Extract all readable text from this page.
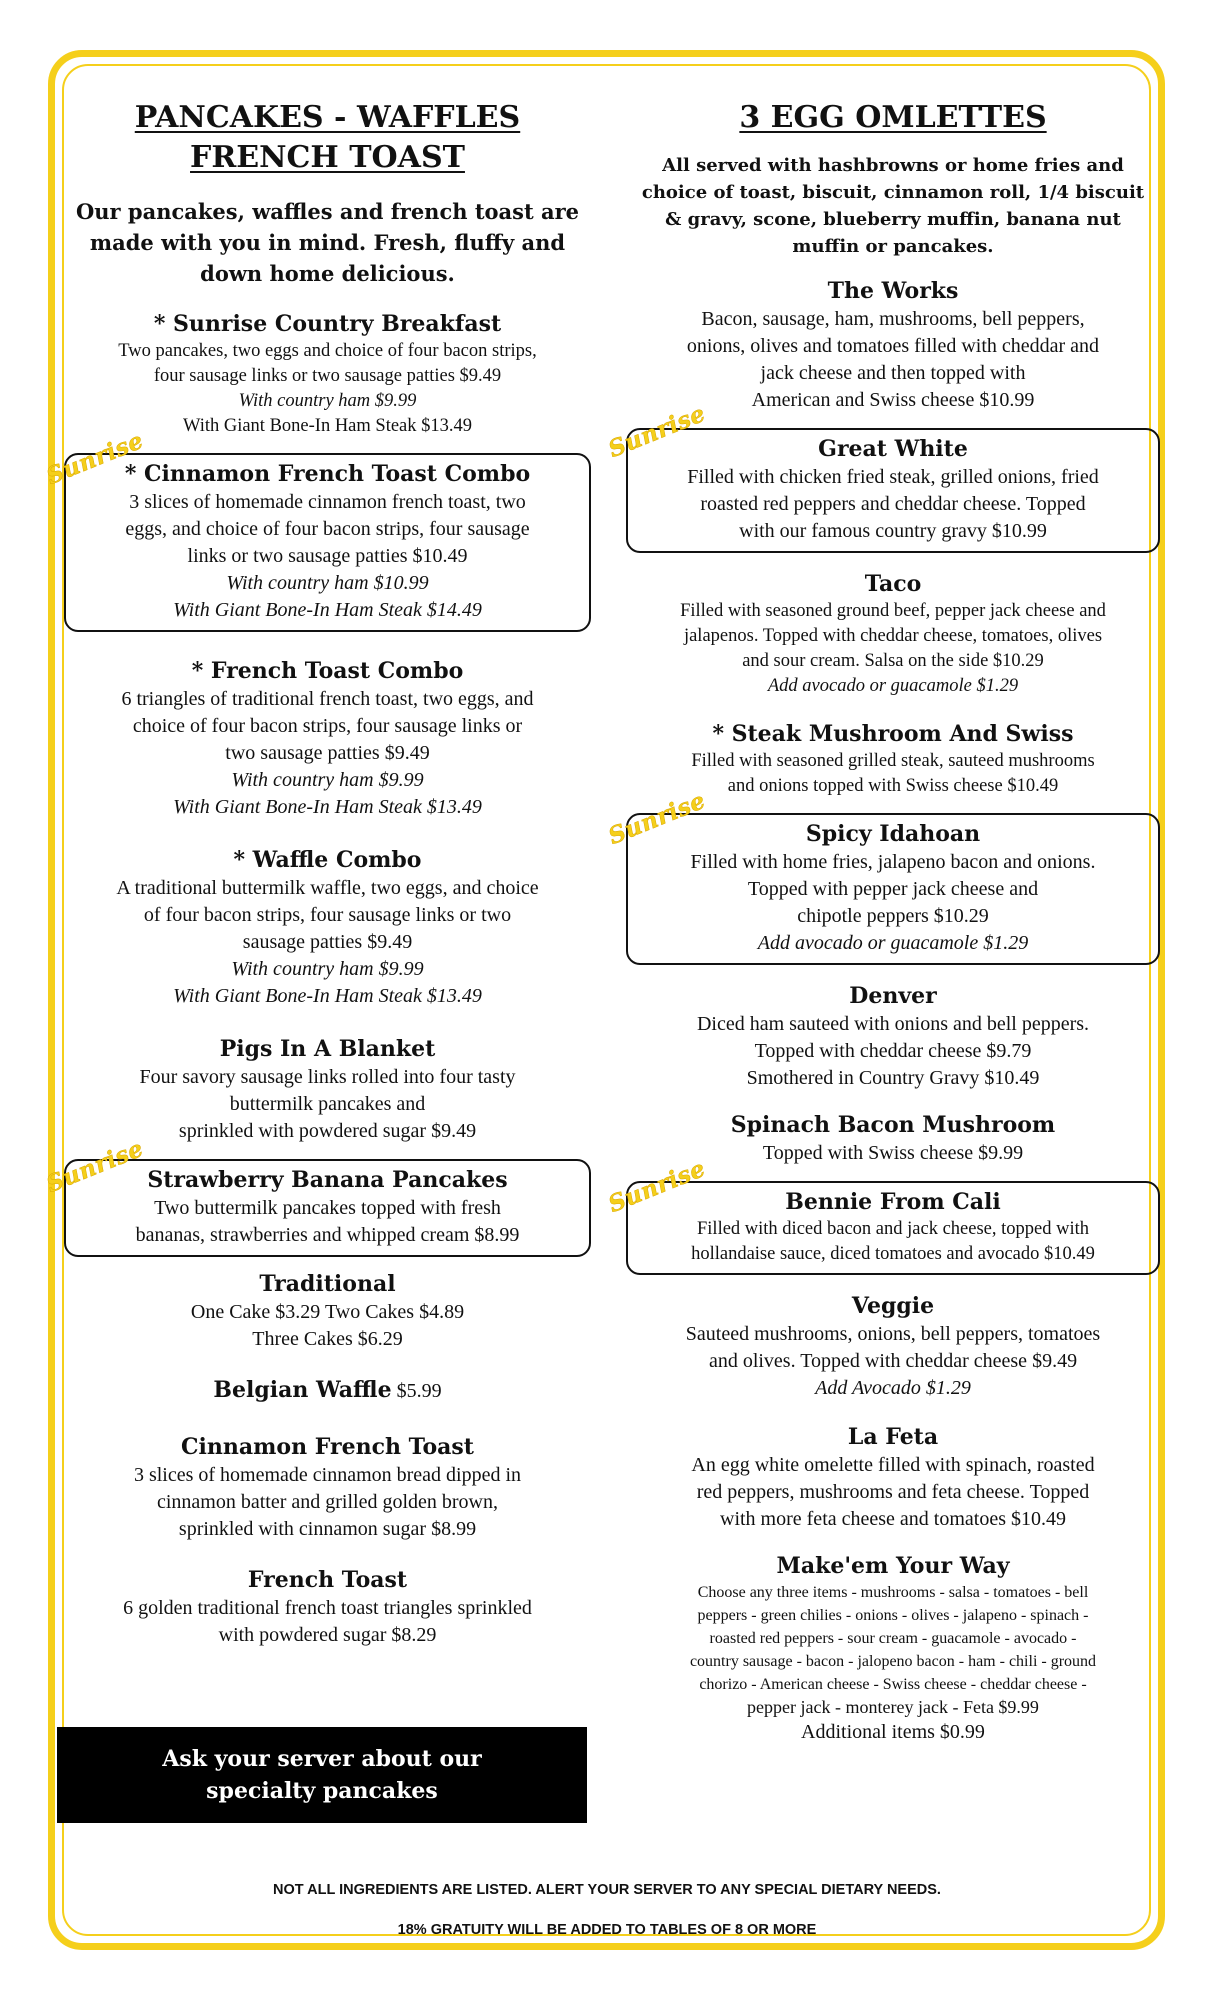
PANCAKES - WAFFLES
FRENCH TOAST

Our pancakes, waffles and french toast are
made with you in mind. Fresh, fluffy and
down home delicious.

* Sunrise Country Breakfast
Two pancakes, two eggs and choice of four bacon strips,
four sausage links or two sausage patties $9.49
With country ham $9.99
With Giant Bone-In Ham Steak $13.49
Sunrise
* Cinnamon French Toast Combo
3 slices of homemade cinnamon french toast, two
eggs, and choice of four bacon strips, four sausage
links or two sausage patties $10.49
With country ham $10.99
With Giant Bone-In Ham Steak $14.49
* French Toast Combo
6 triangles of traditional french toast, two eggs, and
choice of four bacon strips, four sausage links or
two sausage patties $9.49
With country ham $9.99
With Giant Bone-In Ham Steak $13.49
* Waffle Combo
A traditional buttermilk waffle, two eggs, and choice
of four bacon strips, four sausage links or two
sausage patties $9.49
With country ham $9.99
With Giant Bone-In Ham Steak $13.49
Pigs In A Blanket
Four savory sausage links rolled into four tasty
buttermilk pancakes and
sprinkled with powdered sugar $9.49
Sunrise Strawberry Banana Pancakes
Two buttermilk pancakes topped with fresh
bananas, strawberries and whipped cream $8.99
Traditional
One Cake $3.29 Two Cakes $4.89
Three Cakes $6.29
Belgian Waffle $5.99
Cinnamon French Toast
3 slices of homemade cinnamon bread dipped in
cinnamon batter and grilled golden brown,
sprinkled with cinnamon sugar $8.99
French Toast
6 golden traditional french toast triangles sprinkled
with powdered sugar $8.29
Ask your server about our
specialty pancakes
3 EGG OMLETTES

All served with hashbrowns or home fries and
choice of toast, biscuit, cinnamon roll, 1/4 biscuit
& gravy, scone, blueberry muffin, banana nut
muffin or pancakes.

The Works
Bacon, sausage, ham, mushrooms, bell peppers,
onions, olives and tomatoes filled with cheddar and
jack cheese and then topped with
American and Swiss cheese $10.99
Sunrise	Great White
Filled with chicken fried steak, grilled onions, fried
roasted red peppers and cheddar cheese. Topped
with our famous country gravy $10.99
Taco
Filled with seasoned ground beef, pepper jack cheese and
jalapenos. Topped with cheddar cheese, tomatoes, olives
and sour cream. Salsa on the side $10.29
Add avocado or guacamole $1.29
* Steak Mushroom And Swiss
Filled with seasoned grilled steak, sauteed mushrooms
and onions topped with Swiss cheese $10.49
Sunrise	Spicy Idahoan
Filled with home fries, jalapeno bacon and onions.
Topped with pepper jack cheese and
chipotle peppers $10.29
Add avocado or guacamole $1.29
Denver
Diced ham sauteed with onions and bell peppers.
Topped with cheddar cheese $9.79
Smothered in Country Gravy $10.49
Spinach Bacon Mushroom
Topped with Swiss cheese $9.99
Sunrise	Bennie From Cali
Filled with diced bacon and jack cheese, topped with
hollandaise sauce, diced tomatoes and avocado $10.49
Veggie
Sauteed mushrooms, onions, bell peppers, tomatoes
and olives. Topped with cheddar cheese $9.49
Add Avocado $1.29
La Feta
An egg white omelette filled with spinach, roasted
red peppers, mushrooms and feta cheese. Topped
with more feta cheese and tomatoes $10.49
Make'em Your Way
Choose any three items - mushrooms - salsa - tomatoes - bell
peppers - green chilies - onions - olives - jalapeno - spinach -
roasted red peppers - sour cream - guacamole - avocado -
country sausage - bacon - jalopeno bacon - ham - chili - ground
chorizo - American cheese - Swiss cheese - cheddar cheese -
pepper jack - monterey jack - Feta $9.99
Additional items $0.99
NOT ALL INGREDIENTS ARE LISTED. ALERT YOUR SERVER TO ANY SPECIAL DIETARY NEEDS.
18% GRATUITY WILL BE ADDED TO TABLES OF 8 OR MORE
